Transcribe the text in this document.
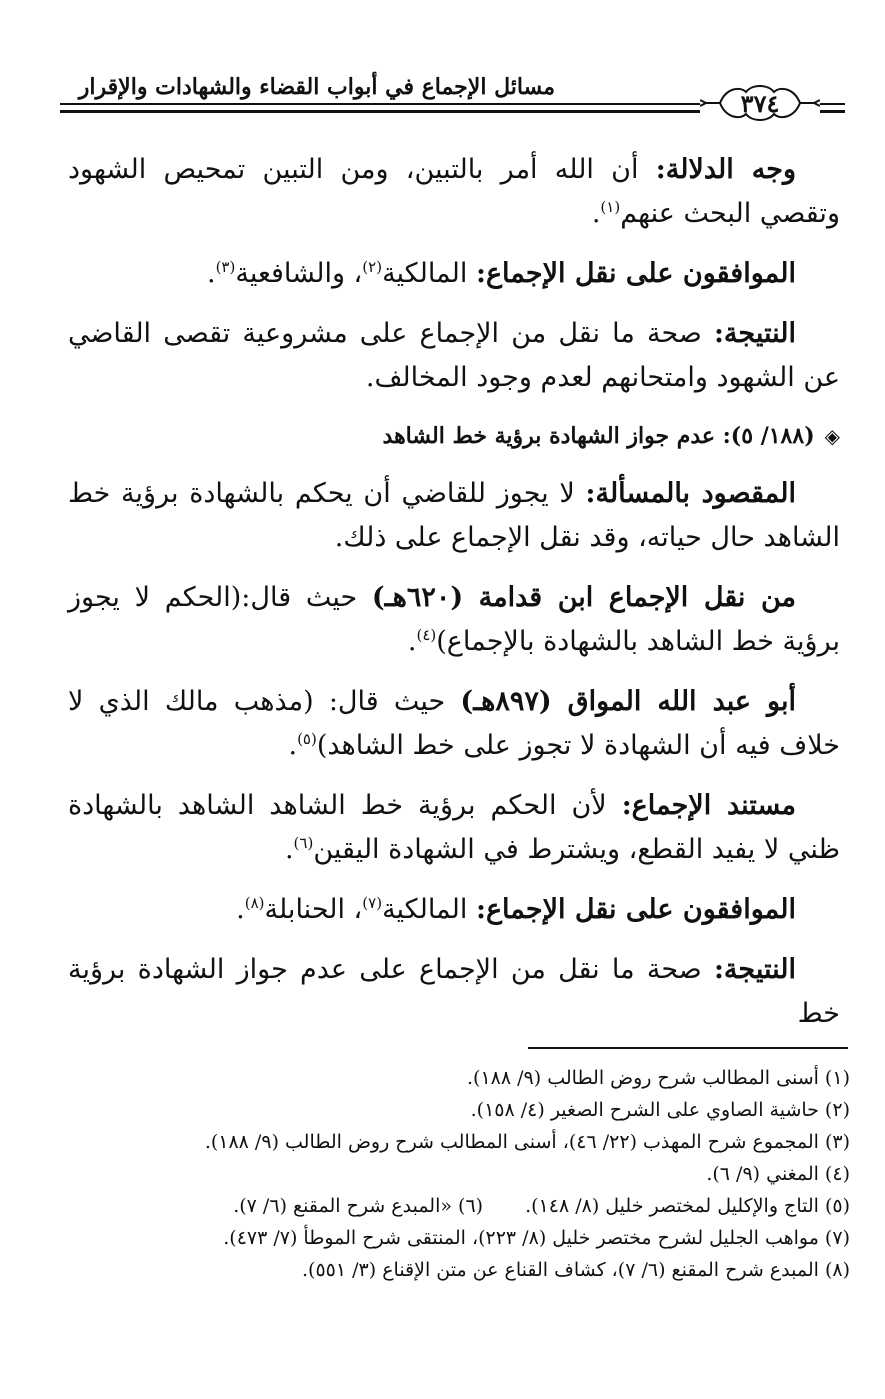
مسائل الإجماع في أبواب القضاء والشهادات والإقرار
٣٧٤

وجه الدلالة: أن الله أمر بالتبين، ومن التبين تمحيص الشهود وتقصي البحث عنهم$^{(١)}$.

الموافقون على نقل الإجماع: المالكية$^{(٢)}$، والشافعية$^{(٣)}$.

النتيجة: صحة ما نقل من الإجماع على مشروعية تقصى القاضي عن الشهود وامتحانهم لعدم وجود المخالف.

◈(١٨٨/ ٥): عدم جواز الشهادة برؤية خط الشاهد

المقصود بالمسألة: لا يجوز للقاضي أن يحكم بالشهادة برؤية خط الشاهد حال حياته، وقد نقل الإجماع على ذلك.

من نقل الإجماع ابن قدامة (٦٢٠هـ) حيث قال:(الحكم لا يجوز برؤية خط الشاهد بالشهادة بالإجماع)$^{(٤)}$.

أبو عبد الله المواق (٨٩٧هـ) حيث قال: (مذهب مالك الذي لا خلاف فيه أن الشهادة لا تجوز على خط الشاهد)$^{(٥)}$.

مستند الإجماع: لأن الحكم برؤية خط الشاهد الشاهد بالشهادة ظني لا يفيد القطع، ويشترط في الشهادة اليقين$^{(٦)}$.

الموافقون على نقل الإجماع: المالكية$^{(٧)}$، الحنابلة$^{(٨)}$.

النتيجة: صحة ما نقل من الإجماع على عدم جواز الشهادة برؤية خط

(١) أسنى المطالب شرح روض الطالب (٩/ ١٨٨).
(٢) حاشية الصاوي على الشرح الصغير (٤/ ١٥٨).
(٣) المجموع شرح المهذب (٢٢/ ٤٦)، أسنى المطالب شرح روض الطالب (٩/ ١٨٨).
(٤) المغني (٩/ ٦).
(٥) التاج والإكليل لمختصر خليل (٨/ ١٤٨).(٦) «المبدع شرح المقنع (٦/ ٧).
(٧) مواهب الجليل لشرح مختصر خليل (٨/ ٢٢٣)، المنتقى شرح الموطأ (٧/ ٤٧٣).
(٨) المبدع شرح المقنع (٦/ ٧)، كشاف القناع عن متن الإقناع (٣/ ٥٥١).
